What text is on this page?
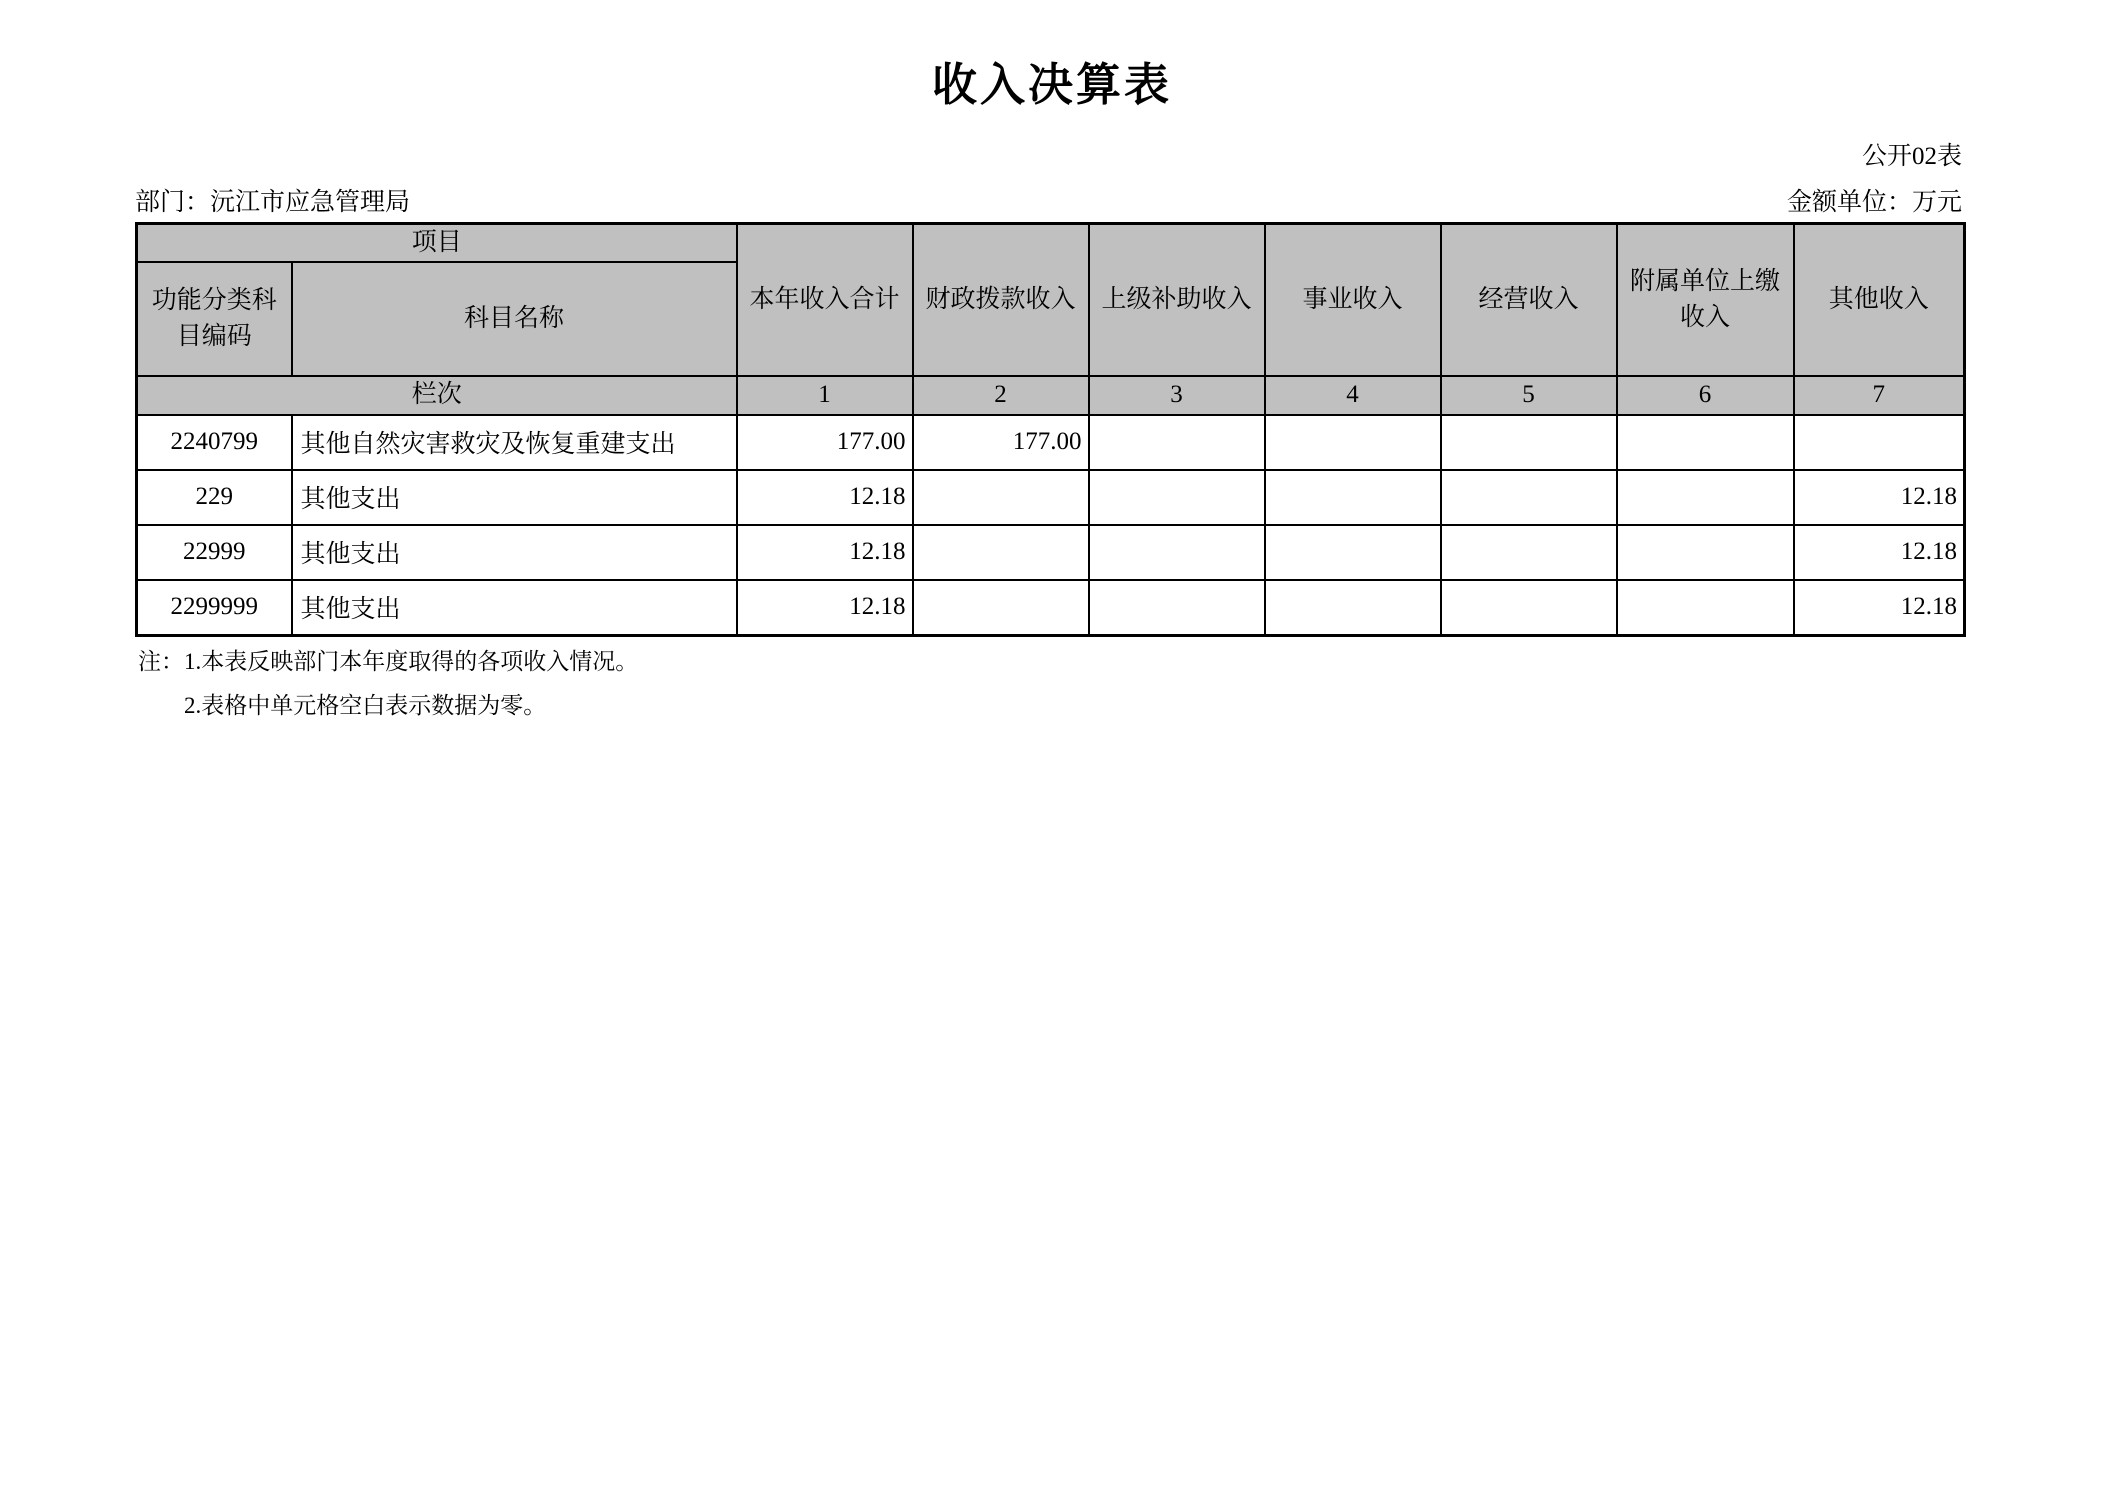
收入决算表
公开02表
部门：沅江市应急管理局	金额单位：万元
项目		本年收入合计	财政拨款收入	上级补助收入	事业收入	经营收入	附属单位上缴收入	其他收入
功能分类科目编码	科目名称							
栏次		1	2	3	4	5	6	7
2240799	其他自然灾害救灾及恢复重建支出	177.00	177.00					
229	其他支出	12.18						12.18
22999	其他支出	12.18						12.18
2299999	其他支出	12.18						12.18
注：1.本表反映部门本年度取得的各项收入情况。
2.表格中单元格空白表示数据为零。
